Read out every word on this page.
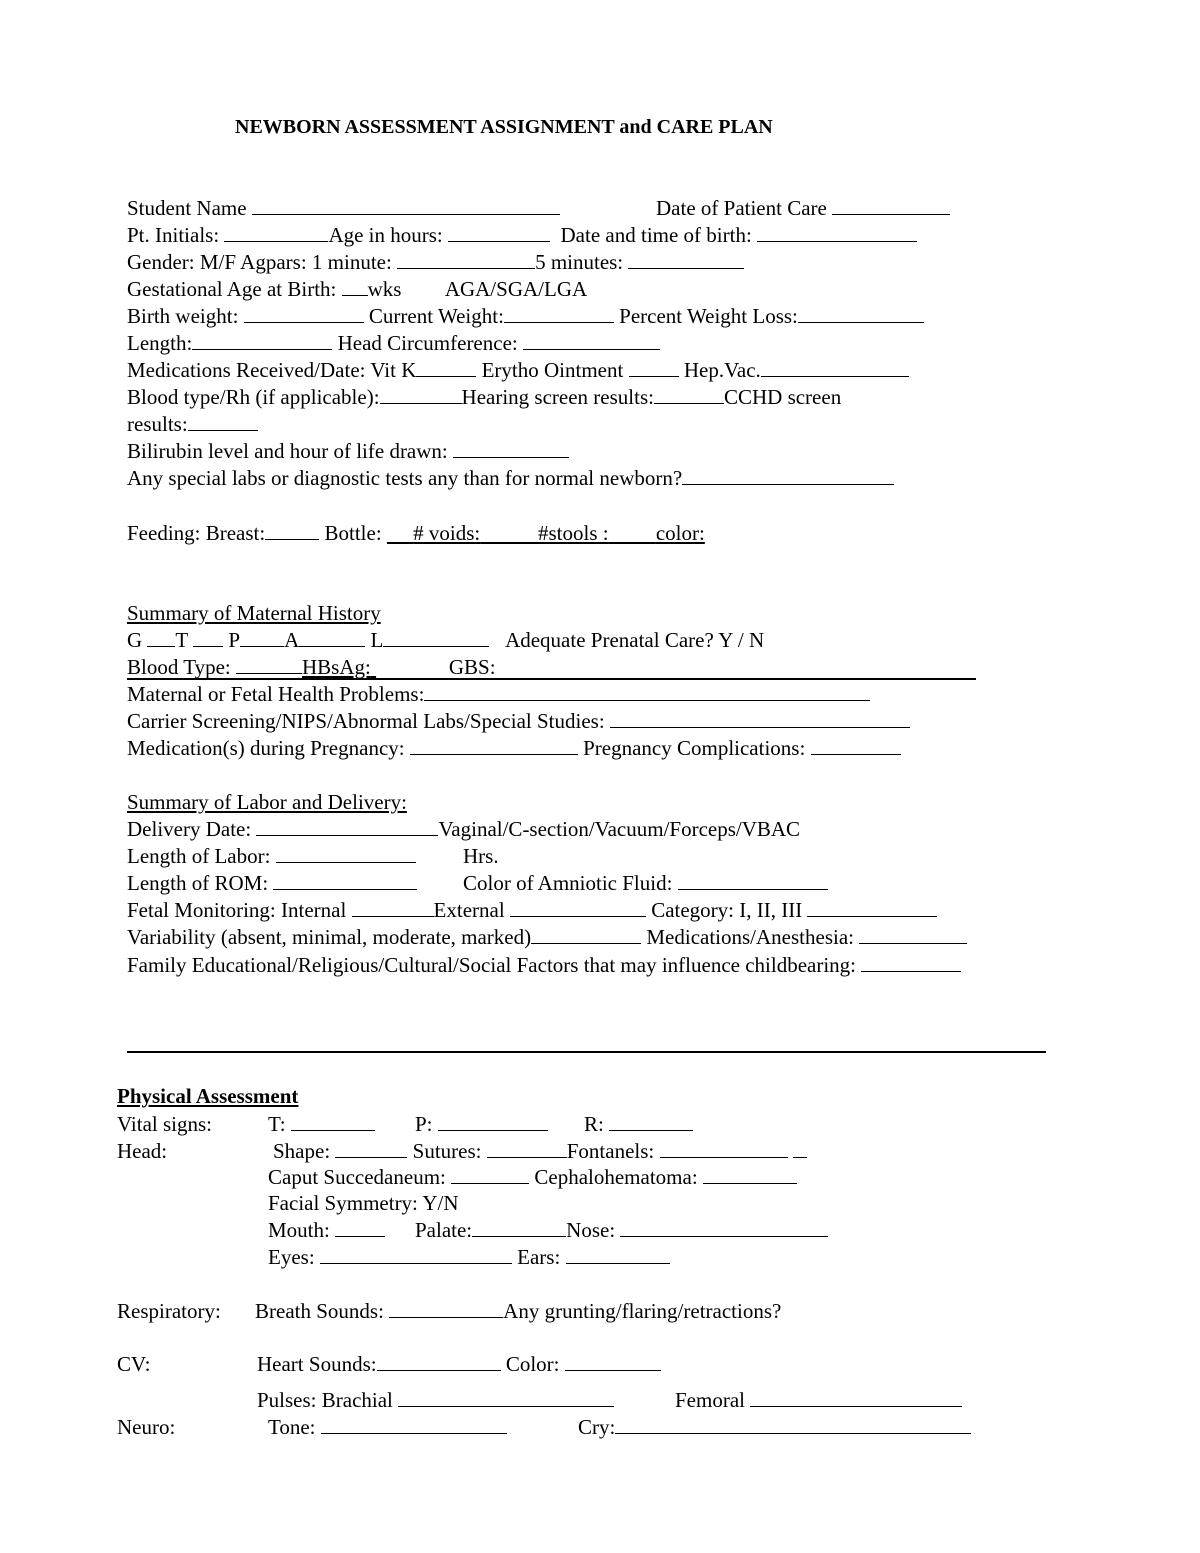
NEWBORN ASSESSMENT ASSIGNMENT and CARE PLAN
Student Name	Date of Patient Care
Pt. Initials:	Age in hours:	Date and time of birth:
Gender: M/F Agpars: 1 minute:	5 minutes:
Gestational Age at Birth: wks AGA/SGA/LGA
Birth weight:	Current Weight:	Percent Weight Loss:
Length:	Head Circumference:
Medications Received/Date: Vit K	Erytho Ointment	Hep.Vac.
Blood type/Rh (if applicable):	Hearing screen results:	CCHD screen
results:
Bilirubin level and hour of life drawn:
Any special labs or diagnostic tests any than for normal newborn?
Feeding: Breast:	Bottle: # voids:	#stools : color:
Summary of Maternal History
G T P A	L	Adequate Prenatal Care? Y / N
Blood Type:	HBsAg:	GBS:
Maternal or Fetal Health Problems:
Carrier Screening/NIPS/Abnormal Labs/Special Studies:
Medication(s) during Pregnancy:	Pregnancy Complications:
Summary of Labor and Delivery:
Delivery Date:	Vaginal/C-section/Vacuum/Forceps/VBAC
Length of Labor:	Hrs.
Length of ROM:	Color of Amniotic Fluid:
Fetal Monitoring: Internal	External	Category: I, II, III
Variability (absent, minimal, moderate, marked)	Medications/Anesthesia:
Family Educational/Religious/Cultural/Social Factors that may influence childbearing:
Physical Assessment
Vital signs:	T:	P:	R:
Head:	Shape:	Sutures:	Fontanels:
Caput Succedaneum:	Cephalohematoma:
Facial Symmetry: Y/N
Mouth:	Palate:	Nose:
Eyes:	Ears:
Respiratory: Breath Sounds:	Any grunting/flaring/retractions?
CV:	Heart Sounds:	Color:
Pulses: Brachial	Femoral
Neuro:	Tone:	Cry:
